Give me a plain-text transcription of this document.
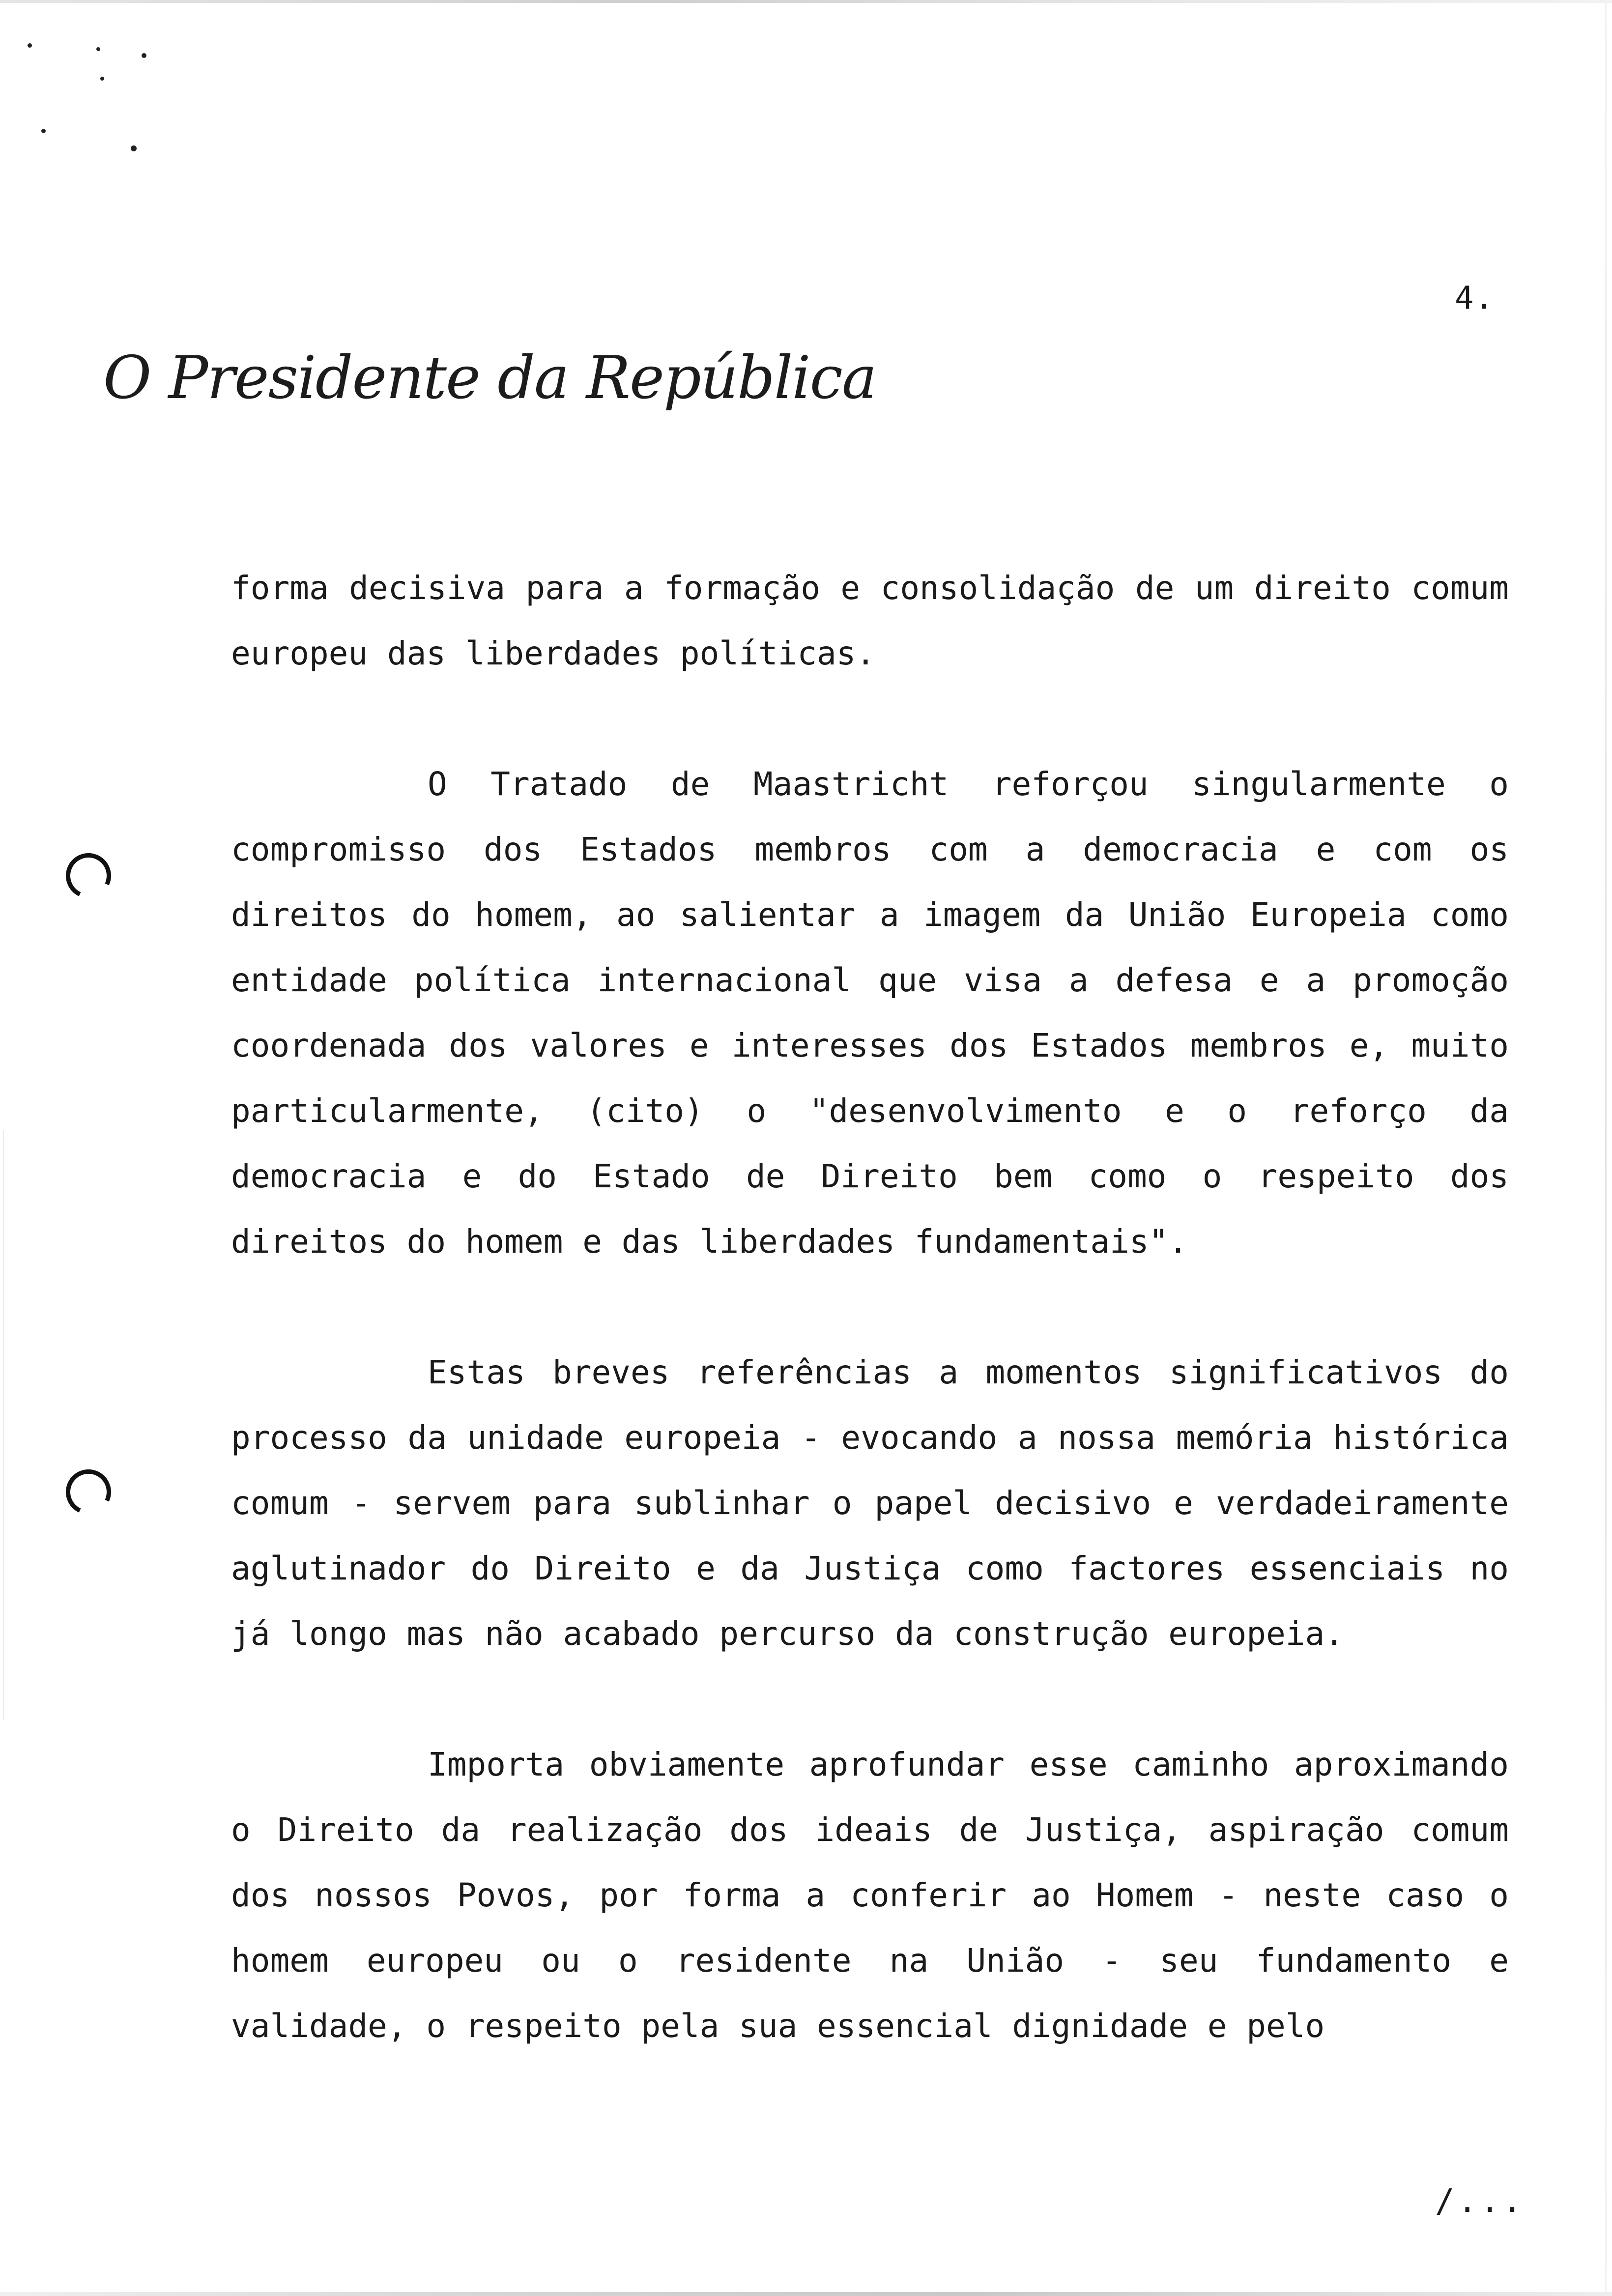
4.
O Presidente da República

forma decisiva para a formação e consolidação de um direito comum europeu das liberdades políticas.

O Tratado de Maastricht reforçou singularmente o compromisso dos Estados membros com a democracia e com os direitos do homem, ao salientar a imagem da União Europeia como entidade política internacional que visa a defesa e a promoção coordenada dos valores e interesses dos Estados membros e, muito particularmente, (cito) o "desenvolvimento e o reforço da democracia e do Estado de Direito bem como o respeito dos direitos do homem e das liberdades fundamentais".

Estas breves referências a momentos significativos do processo da unidade europeia - evocando a nossa memória histórica comum - servem para sublinhar o papel decisivo e verdadeiramente aglutinador do Direito e da Justiça como factores essenciais no já longo mas não acabado percurso da construção europeia.

Importa obviamente aprofundar esse caminho aproximando o Direito da realização dos ideais de Justiça, aspiração comum dos nossos Povos, por forma a conferir ao Homem - neste caso o homem europeu ou o residente na União - seu fundamento e validade, o respeito pela sua essencial dignidade e pelo

/...
